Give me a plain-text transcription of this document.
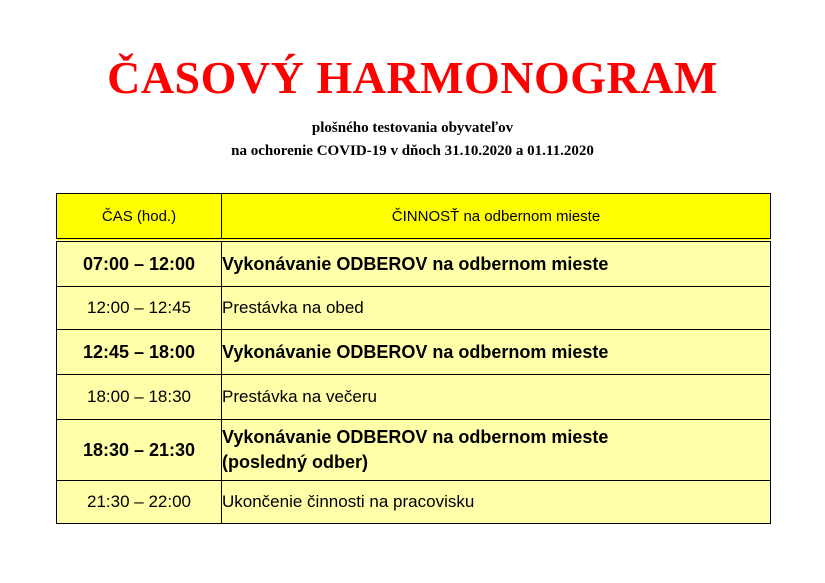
ČASOVÝ HARMONOGRAM
plošného testovania obyvateľov
na ochorenie COVID-19 v dňoch 31.10.2020 a 01.11.2020
ČAS (hod.)	ČINNOSŤ na odbernom mieste
07:00 – 12:00	Vykonávanie ODBEROV na odbernom mieste
12:00 – 12:45	Prestávka na obed
12:45 – 18:00	Vykonávanie ODBEROV na odbernom mieste
18:00 – 18:30	Prestávka na večeru
18:30 – 21:30	Vykonávanie ODBEROV na odbernom mieste
(posledný odber)

21:30 – 22:00	Ukončenie činnosti na pracovisku
